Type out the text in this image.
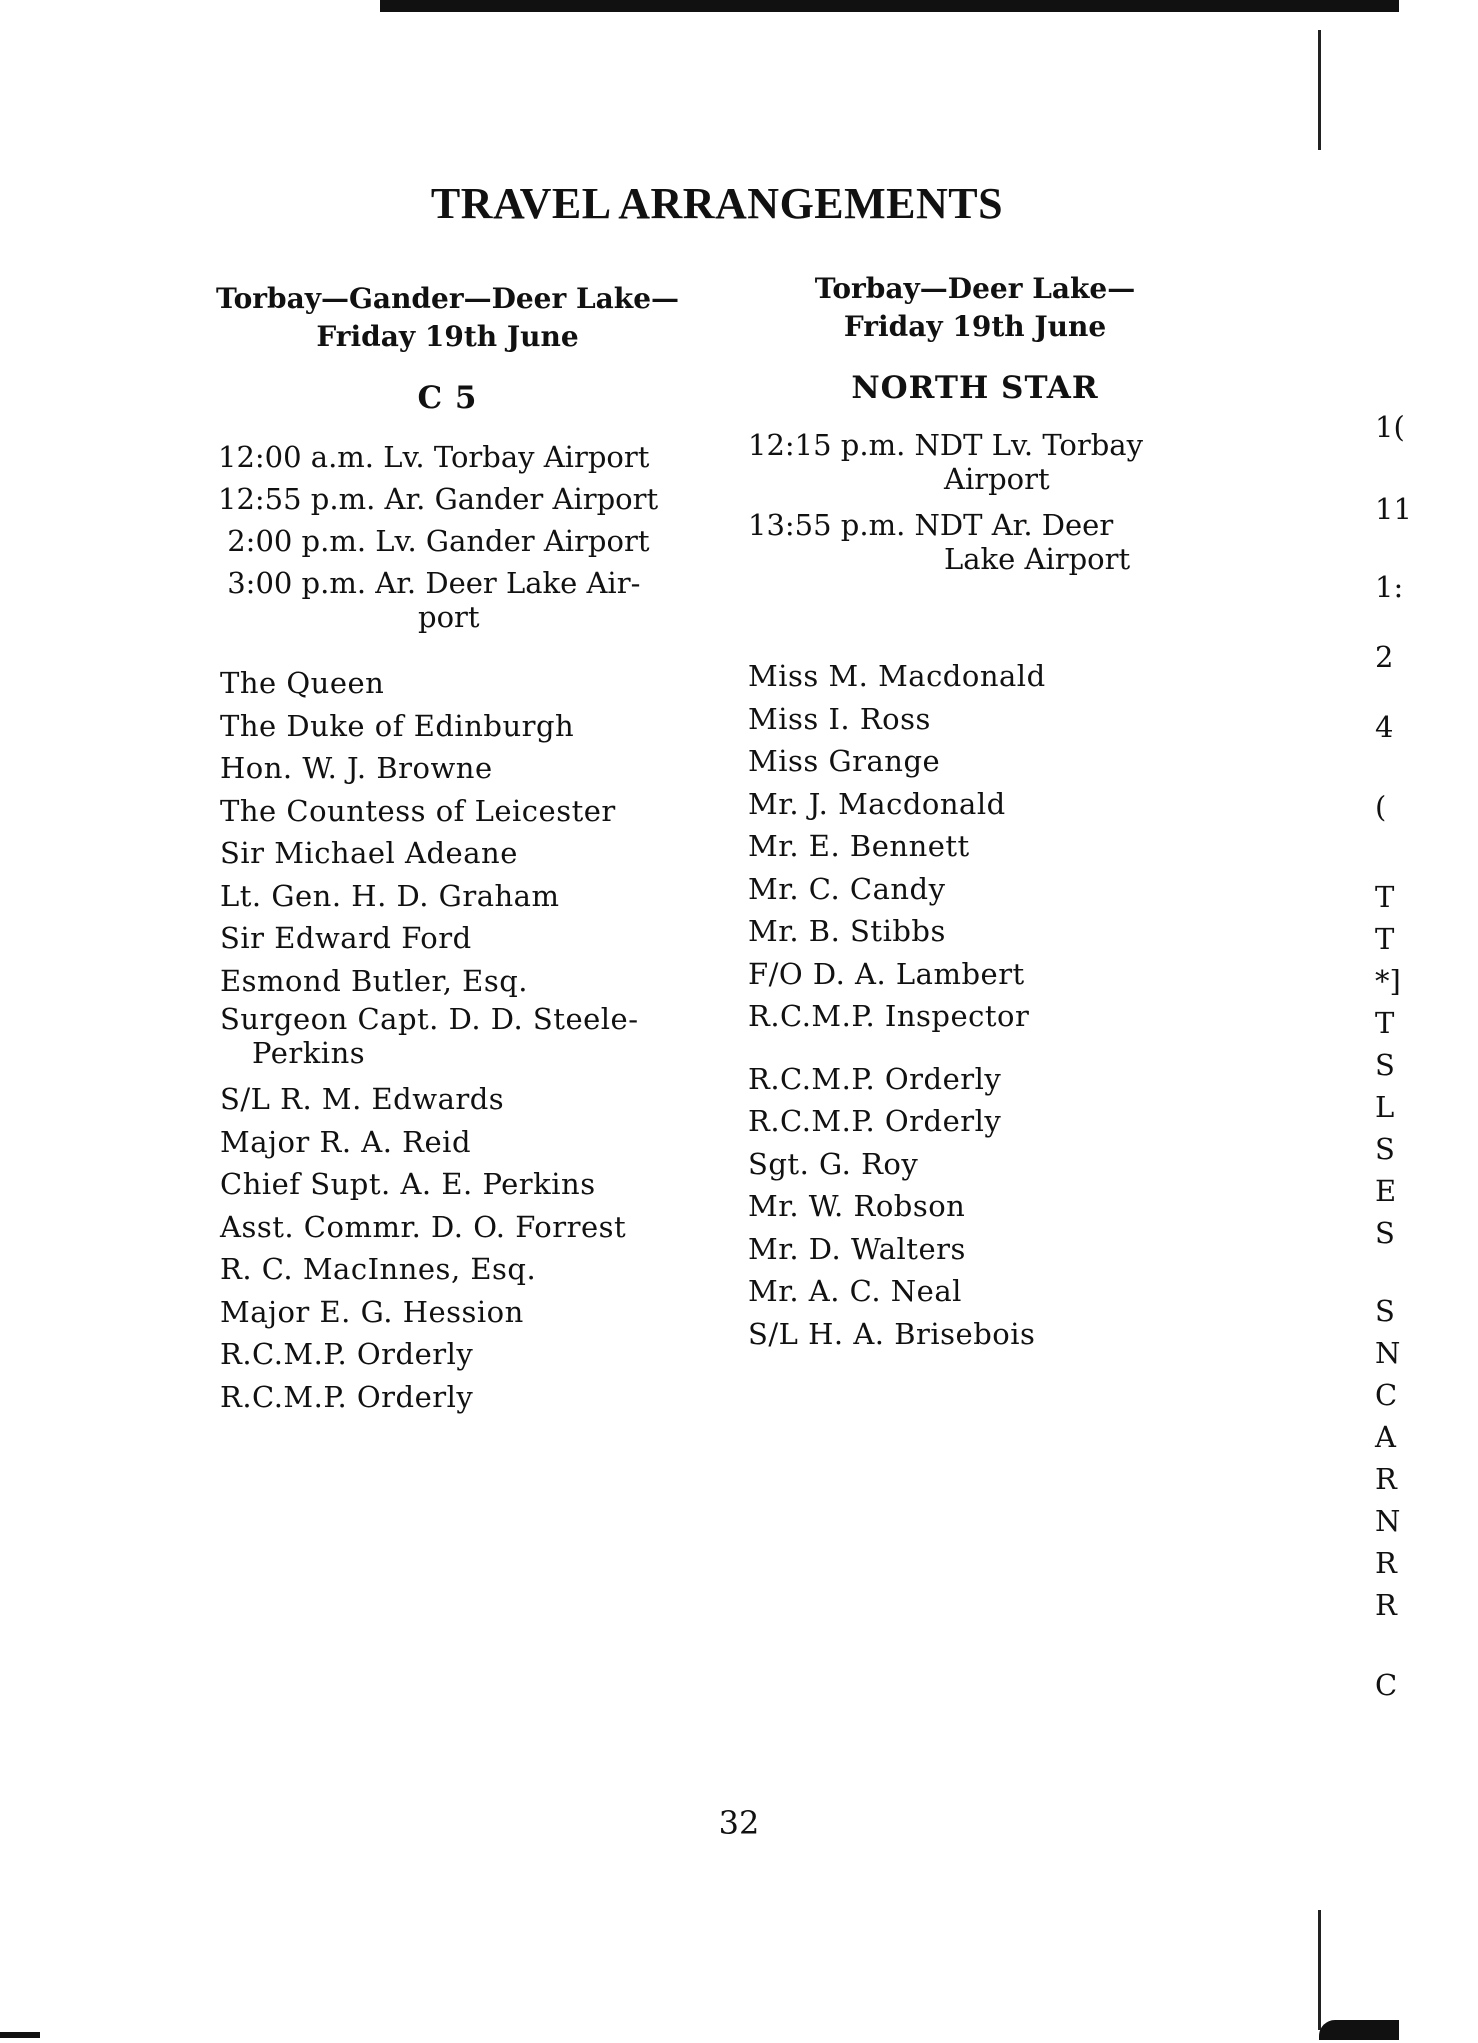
TRAVEL ARRANGEMENTS
Torbay—Gander—Deer Lake—
Friday 19th June
C 5
Torbay—Deer Lake—
Friday 19th June
NORTH STAR
12:00 a.m. Lv. Torbay Airport
12:55 p.m. Ar. Gander Airport
2:00 p.m. Lv. Gander Airport
3:00 p.m. Ar. Deer Lake Air-
port
12:15 p.m. NDT Lv. Torbay
Airport
13:55 p.m. NDT Ar. Deer
Lake Airport
The Queen
The Duke of Edinburgh
Hon. W. J. Browne
The Countess of Leicester
Sir Michael Adeane
Lt. Gen. H. D. Graham
Sir Edward Ford
Esmond Butler, Esq.
Surgeon Capt. D. D. Steele-
Perkins
S/L R. M. Edwards
Major R. A. Reid
Chief Supt. A. E. Perkins
Asst. Commr. D. O. Forrest
R. C. MacInnes, Esq.
Major E. G. Hession
R.C.M.P. Orderly
R.C.M.P. Orderly
Miss M. Macdonald
Miss I. Ross
Miss Grange
Mr. J. Macdonald
Mr. E. Bennett
Mr. C. Candy
Mr. B. Stibbs
F/O D. A. Lambert
R.C.M.P. Inspector
R.C.M.P. Orderly
R.C.M.P. Orderly
Sgt. G. Roy
Mr. W. Robson
Mr. D. Walters
Mr. A. C. Neal
S/L H. A. Brisebois
1(
11
1:
2
4
(
T
T
*]
T
S
L
S
E
S
S
N
C
A
R
N
R
R
C
32
